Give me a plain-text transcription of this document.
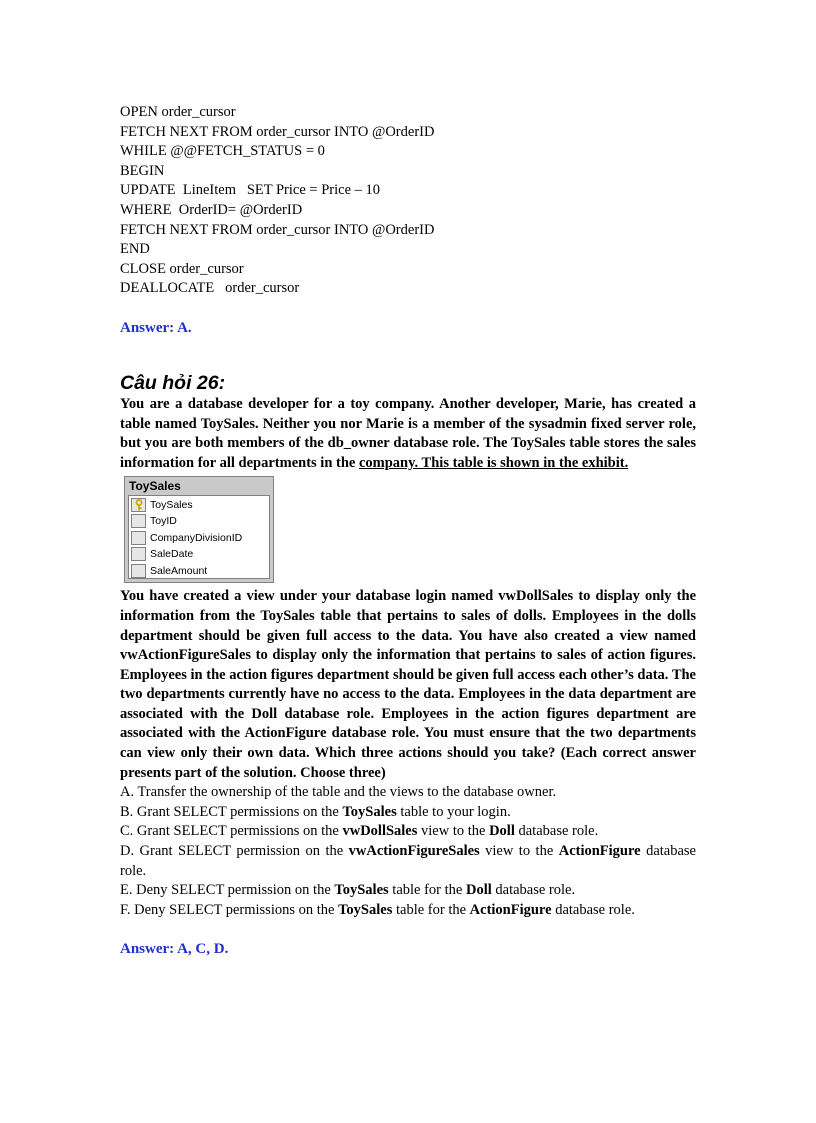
OPEN order_cursor
FETCH NEXT FROM order_cursor INTO @OrderID
WHILE @@FETCH_STATUS = 0
BEGIN
UPDATE  LineItem   SET Price = Price – 10
WHERE  OrderID= @OrderID
FETCH NEXT FROM order_cursor INTO @OrderID
END
CLOSE order_cursor
DEALLOCATE   order_cursor
Answer: A.
Câu hỏi 26:
You are a database developer for a toy company. Another developer, Marie, has created a table named ToySales. Neither you nor Marie is a member of the sysadmin fixed server role, but you are both members of the db_owner database role. The ToySales table stores the sales information for all departments in the company. This table is shown in the exhibit.
ToySales
ToySales
ToyID
CompanyDivisionID
SaleDate
SaleAmount
You have created a view under your database login named vwDollSales to display only the information from the ToySales table that pertains to sales of dolls. Employees in the dolls department should be given full access to the data. You have also created a view named vwActionFigureSales to display only the information that pertains to sales of action figures. Employees in the action figures department should be given full access each other’s data. The two departments currently have no access to the data. Employees in the data department are associated with the Doll database role. Employees in the action figures department are associated with the ActionFigure database role. You must ensure that the two departments can view only their own data. Which three actions should you take? (Each correct answer presents part of the solution. Choose three)
A. Transfer the ownership of the table and the views to the database owner.
B. Grant SELECT permissions on the ToySales table to your login.
C. Grant SELECT permissions on the vwDollSales view to the Doll database role.
D. Grant SELECT permission on the vwActionFigureSales view to the ActionFigure database role.
E. Deny SELECT permission on the ToySales table for the Doll database role.
F. Deny SELECT permissions on the ToySales table for the ActionFigure database role.
Answer: A, C, D.
